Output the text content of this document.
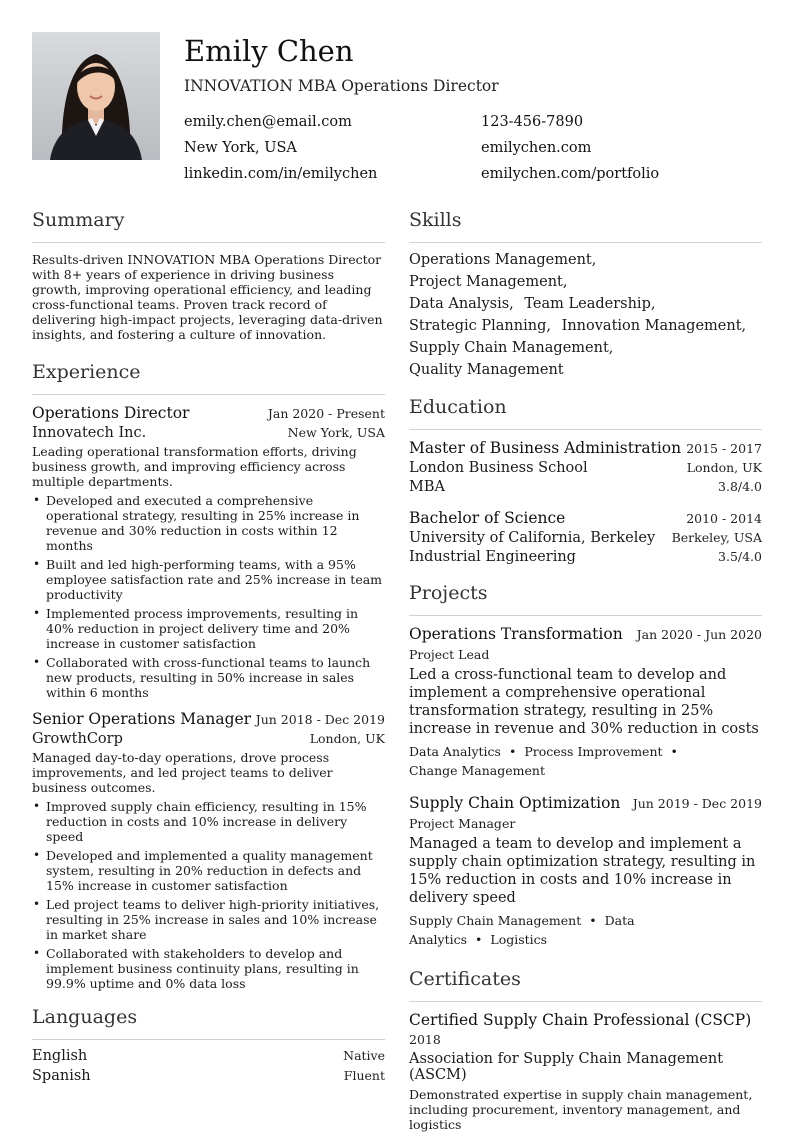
Emily Chen
INNOVATION MBA Operations Director
emily.chen@email.com	123-456-7890
New York, USA	emilychen.com
linkedin.com/in/emilychen	emilychen.com/portfolio
Summary

Results-driven INNOVATION MBA Operations Director with 8+ years of experience in driving business growth, improving operational efficiency, and leading cross-functional teams. Proven track record of delivering high-impact projects, leveraging data-driven insights, and fostering a culture of innovation.

Experience
Operations Director	Jan 2020 - Present
Innovatech Inc.	New York, USA

Leading operational transformation efforts, driving business growth, and improving efficiency across multiple departments.

• Developed and executed a comprehensive operational strategy, resulting in 25% increase in revenue and 30% reduction in costs within 12 months
• Built and led high-performing teams, with a 95% employee satisfaction rate and 25% increase in team productivity
• Implemented process improvements, resulting in 40% reduction in project delivery time and 20% increase in customer satisfaction
• Collaborated with cross-functional teams to launch new products, resulting in 50% increase in sales within 6 months
Senior Operations Manager Jun 2018 - Dec 2019
GrowthCorp	London, UK

Managed day-to-day operations, drove process improvements, and led project teams to deliver business outcomes.

• Improved supply chain efficiency, resulting in 15% reduction in costs and 10% increase in delivery speed
• Developed and implemented a quality management system, resulting in 20% reduction in defects and 15% increase in customer satisfaction
• Led project teams to deliver high-priority initiatives, resulting in 25% increase in sales and 10% increase in market share
• Collaborated with stakeholders to develop and implement business continuity plans, resulting in 99.9% uptime and 0% data loss
Languages
English	Native
Spanish	Fluent
Skills
Operations Management, Project Management,
Data Analysis, Team Leadership,
Strategic Planning, Innovation Management,
Supply Chain Management, Quality Management
Education
Master of Business Administration 2015 - 2017
London Business School	London, UK
MBA	3.8/4.0
Bachelor of Science	2010 - 2014
University of California, Berkeley Berkeley, USA
Industrial Engineering	3.5/4.0
Projects
Operations Transformation Jan 2020 - Jun 2020
Project Lead

Led a cross-functional team to develop and implement a comprehensive operational transformation strategy, resulting in 25% increase in revenue and 30% reduction in costs

Data Analytics • Process Improvement •
Change Management
Supply Chain Optimization Jun 2019 - Dec 2019
Project Manager

Managed a team to develop and implement a supply chain optimization strategy, resulting in 15% reduction in costs and 10% increase in delivery speed

Supply Chain Management • Data Analytics • Logistics
Certificates
Certified Supply Chain Professional (CSCP)
2018
Association for Supply Chain Management (ASCM)

Demonstrated expertise in supply chain management, including procurement, inventory management, and logistics
